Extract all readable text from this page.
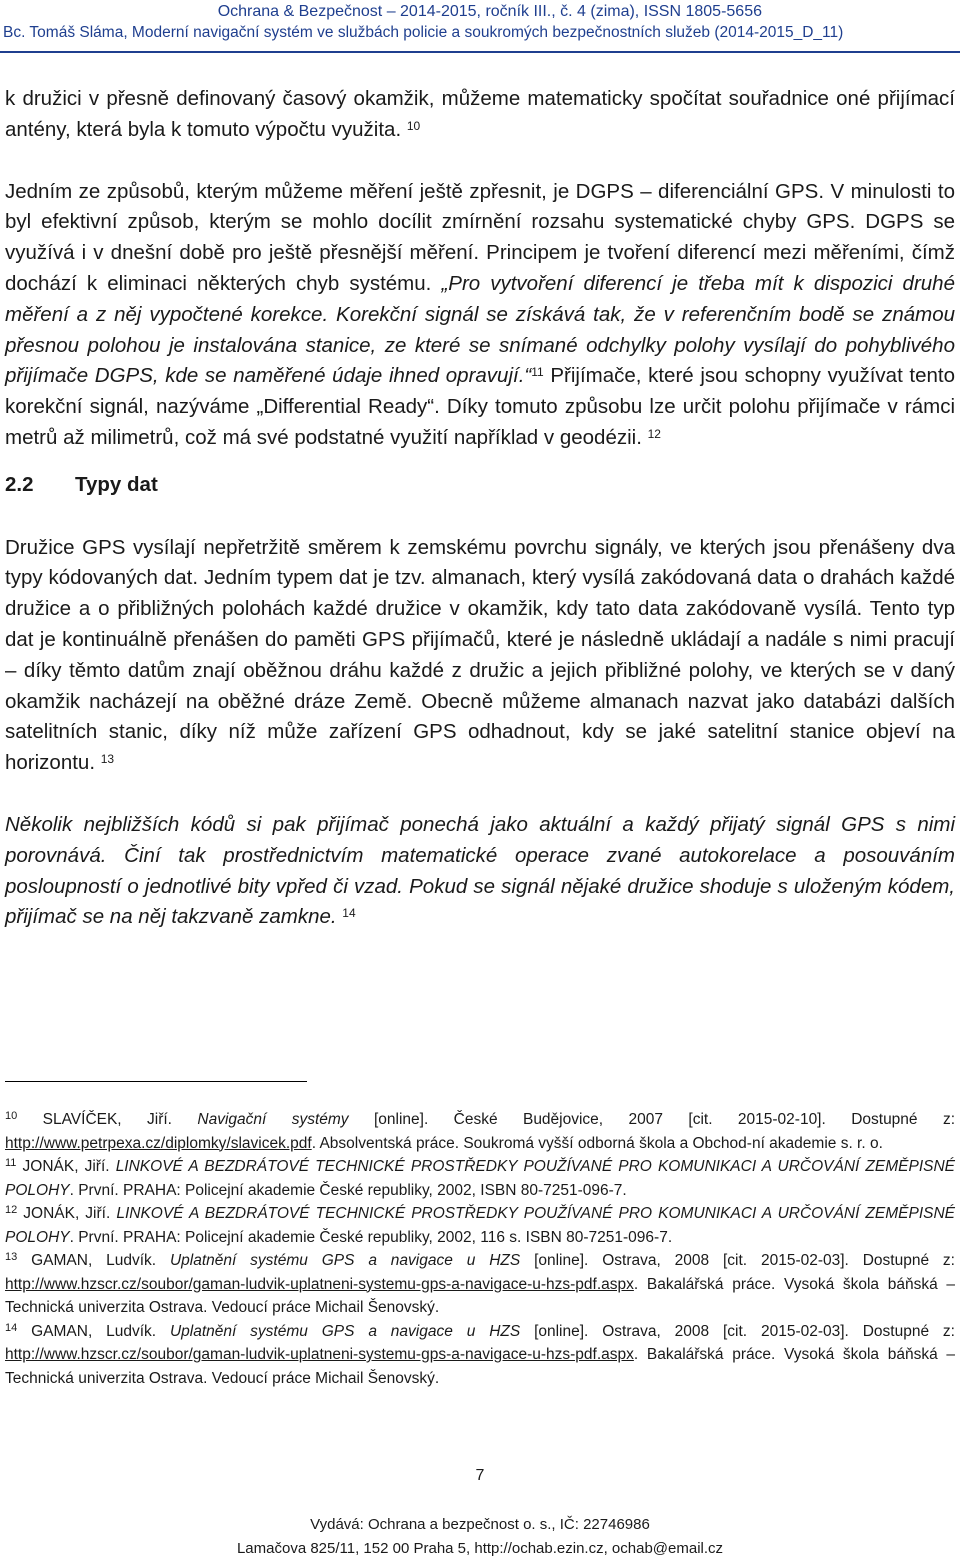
Ochrana & Bezpečnost – 2014-2015, ročník III., č. 4 (zima), ISSN 1805-5656
Bc. Tomáš Sláma, Moderní navigační systém ve službách policie a soukromých bezpečnostních služeb (2014-2015_D_11)

k družici v přesně definovaný časový okamžik, můžeme matematicky spočítat souřadnice oné přijímací antény, která byla k tomuto výpočtu využita. $^{10}$

Jedním ze způsobů, kterým můžeme měření ještě zpřesnit, je DGPS – diferenciální GPS. V minulosti to byl efektivní způsob, kterým se mohlo docílit zmírnění rozsahu systematické chyby GPS. DGPS se využívá i v dnešní době pro ještě přesnější měření. Principem je tvoření diferencí mezi měřeními, čímž dochází k eliminaci některých chyb systému. „Pro vytvoření diferencí je třeba mít k dispozici druhé měření a z něj vypočtené korekce. Korekční signál se získává tak, že v referenčním bodě se známou přesnou polohou je instalována stanice, ze které se snímané odchylky polohy vysílají do pohyblivého přijímače DGPS, kde se naměřené údaje ihned opravují.“$^{11}$ Přijímače, které jsou schopny využívat tento korekční signál, nazýváme „Differential Ready“. Díky tomuto způsobu lze určit polohu přijímače v rámci metrů až milimetrů, což má své podstatné využití například v geodézii. $^{12}$

2.2 Typy dat

Družice GPS vysílají nepřetržitě směrem k zemskému povrchu signály, ve kterých jsou přenášeny dva typy kódovaných dat. Jedním typem dat je tzv. almanach, který vysílá zakódovaná data o drahách každé družice a o přibližných polohách každé družice v okamžik, kdy tato data zakódovaně vysílá. Tento typ dat je kontinuálně přenášen do paměti GPS přijímačů, které je následně ukládají a nadále s nimi pracují – díky těmto datům znají oběžnou dráhu každé z družic a jejich přibližné polohy, ve kterých se v daný okamžik nacházejí na oběžné dráze Země. Obecně můžeme almanach nazvat jako databázi dalších satelitních stanic, díky níž může zařízení GPS odhadnout, kdy se jaké satelitní stanice objeví na horizontu. $^{13}$

Několik nejbližších kódů si pak přijímač ponechá jako aktuální a každý přijatý signál GPS s nimi porovnává. Činí tak prostřednictvím matematické operace zvané autokorelace a posouváním posloupností o jednotlivé bity vpřed či vzad. Pokud se signál nějaké družice shoduje s uloženým kódem, přijímač se na něj takzvaně zamkne. $^{14}$

$^{10}$ SLAVÍČEK, Jiří. Navigační systémy [online]. České Budějovice, 2007 [cit. 2015-02-10]. Dostupné z: http://www.petrpexa.cz/diplomky/slavicek.pdf. Absolventská práce. Soukromá vyšší odborná škola a Obchod-ní akademie s. r. o.

$^{11}$ JONÁK, Jiří. LINKOVÉ A BEZDRÁTOVÉ TECHNICKÉ PROSTŘEDKY POUŽÍVANÉ PRO KOMUNIKACI A URČOVÁNÍ ZEMĚPISNÉ POLOHY. První. PRAHA: Policejní akademie České republiky, 2002, ISBN 80-7251-096-7.

$^{12}$ JONÁK, Jiří. LINKOVÉ A BEZDRÁTOVÉ TECHNICKÉ PROSTŘEDKY POUŽÍVANÉ PRO KOMUNIKACI A URČOVÁNÍ ZEMĚPISNÉ POLOHY. První. PRAHA: Policejní akademie České republiky, 2002, 116 s. ISBN 80-7251-096-7.

$^{13}$ GAMAN, Ludvík. Uplatnění systému GPS a navigace u HZS [online]. Ostrava, 2008 [cit. 2015-02-03]. Dostupné z: http://www.hzscr.cz/soubor/gaman-ludvik-uplatneni-systemu-gps-a-navigace-u-hzs-pdf.aspx. Bakalářská práce. Vysoká škola báňská – Technická univerzita Ostrava. Vedoucí práce Michail Šenovský.

$^{14}$ GAMAN, Ludvík. Uplatnění systému GPS a navigace u HZS [online]. Ostrava, 2008 [cit. 2015-02-03]. Dostupné z: http://www.hzscr.cz/soubor/gaman-ludvik-uplatneni-systemu-gps-a-navigace-u-hzs-pdf.aspx. Bakalářská práce. Vysoká škola báňská – Technická univerzita Ostrava. Vedoucí práce Michail Šenovský.

7
Vydává: Ochrana a bezpečnost o. s., IČ: 22746986
Lamačova 825/11, 152 00 Praha 5, http://ochab.ezin.cz, ochab@email.cz
